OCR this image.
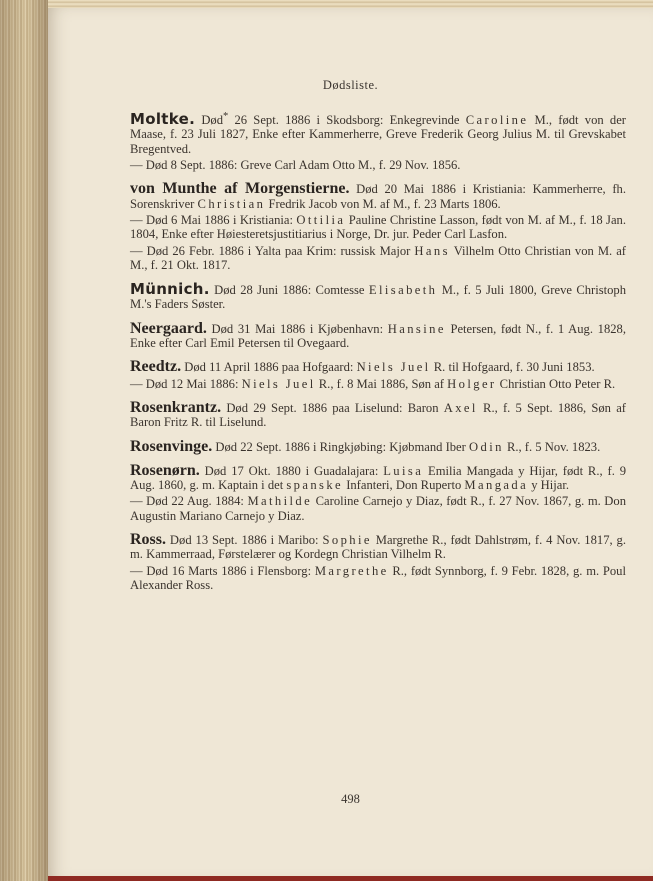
Dødsliste.

Moltke. Død* 26 Sept. 1886 i Skodsborg: Enkegrevinde Caroline M., født von der Maase, f. 23 Juli 1827, Enke efter Kammerherre, Greve Frederik Georg Julius M. til Grevskabet Bregentved.

— Død 8 Sept. 1886: Greve Carl Adam Otto M., f. 29 Nov. 1856.

von Munthe af Morgenstierne. Død 20 Mai 1886 i Kristiania: Kammerherre, fh. Sorenskriver Christian Fredrik Jacob von M. af M., f. 23 Marts 1806.

— Død 6 Mai 1886 i Kristiania: Ottilia Pauline Christine Lasson, født von M. af M., f. 18 Jan. 1804, Enke efter Høiesteretsjustitiarius i Norge, Dr. jur. Peder Carl Lasfon.

— Død 26 Febr. 1886 i Yalta paa Krim: russisk Major Hans Vilhelm Otto Christian von M. af M., f. 21 Okt. 1817.

Münnich. Død 28 Juni 1886: Comtesse Elisabeth M., f. 5 Juli 1800, Greve Christoph M.'s Faders Søster.

Neergaard. Død 31 Mai 1886 i Kjøbenhavn: Hansine Petersen, født N., f. 1 Aug. 1828, Enke efter Carl Emil Petersen til Ovegaard.

Reedtz. Død 11 April 1886 paa Hofgaard: Niels Juel R. til Hofgaard, f. 30 Juni 1853.

— Død 12 Mai 1886: Niels Juel R., f. 8 Mai 1886, Søn af Holger Christian Otto Peter R.

Rosenkrantz. Død 29 Sept. 1886 paa Liselund: Baron Axel R., f. 5 Sept. 1886, Søn af Baron Fritz R. til Liselund.

Rosenvinge. Død 22 Sept. 1886 i Ringkjøbing: Kjøbmand Iber Odin R., f. 5 Nov. 1823.

Rosenørn. Død 17 Okt. 1880 i Guadalajara: Luisa Emilia Mangada y Hijar, født R., f. 9 Aug. 1860, g. m. Kaptain i det spanske Infanteri, Don Ruperto Mangada y Hijar.

— Død 22 Aug. 1884: Mathilde Caroline Carnejo y Diaz, født R., f. 27 Nov. 1867, g. m. Don Augustin Mariano Carnejo y Diaz.

Ross. Død 13 Sept. 1886 i Maribo: Sophie Margrethe R., født Dahlstrøm, f. 4 Nov. 1817, g. m. Kammerraad, Førstelærer og Kordegn Christian Vilhelm R.

— Død 16 Marts 1886 i Flensborg: Margrethe R., født Synnborg, f. 9 Febr. 1828, g. m. Poul Alexander Ross.

498
